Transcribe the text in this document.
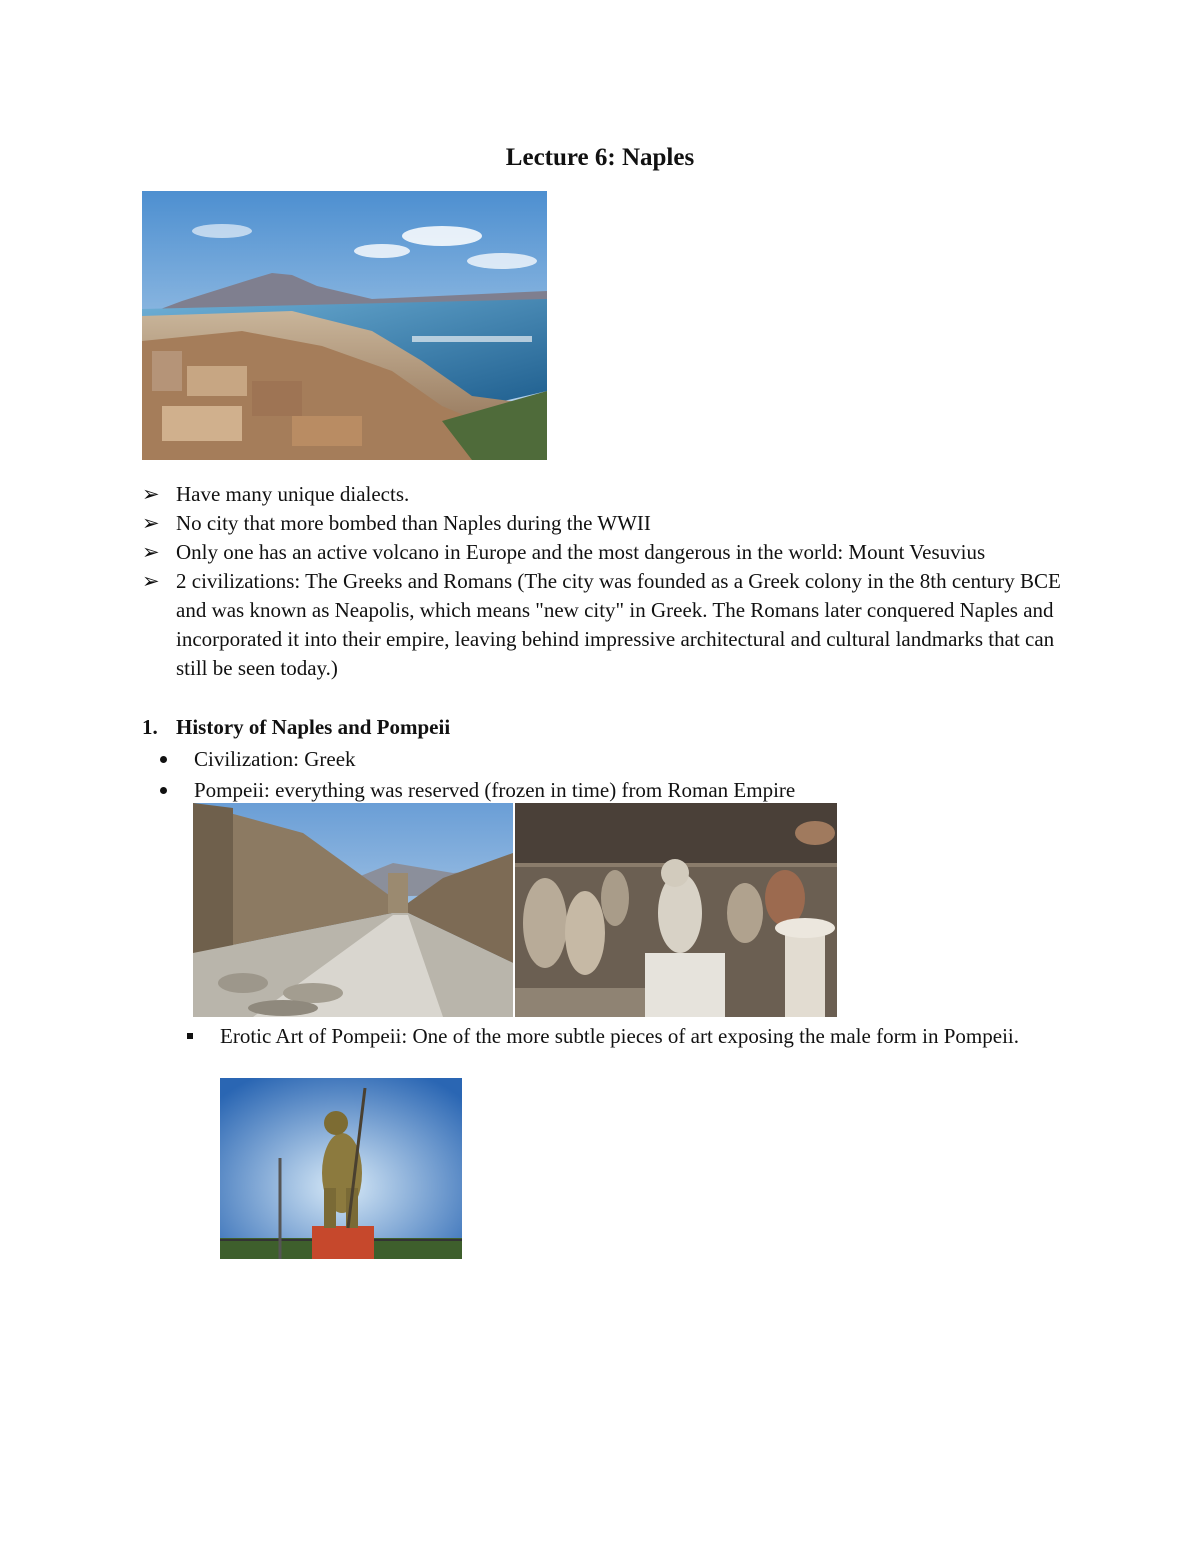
Lecture 6: Naples
➢ Have many unique dialects.
➢ No city that more bombed than Naples during the WWII
➢ Only one has an active volcano in Europe and the most dangerous in the world: Mount Vesuvius
➢ 2 civilizations: The Greeks and Romans (The city was founded as a Greek colony in the 8th century BCE and was known as Neapolis, which means "new city" in Greek. The Romans later conquered Naples and incorporated it into their empire, leaving behind impressive architectural and cultural landmarks that can still be seen today.)
1. History of Naples and Pompeii
Civilization: Greek
Pompeii: everything was reserved (frozen in time) from Roman Empire
Erotic Art of Pompeii: One of the more subtle pieces of art exposing the male form in Pompeii.
